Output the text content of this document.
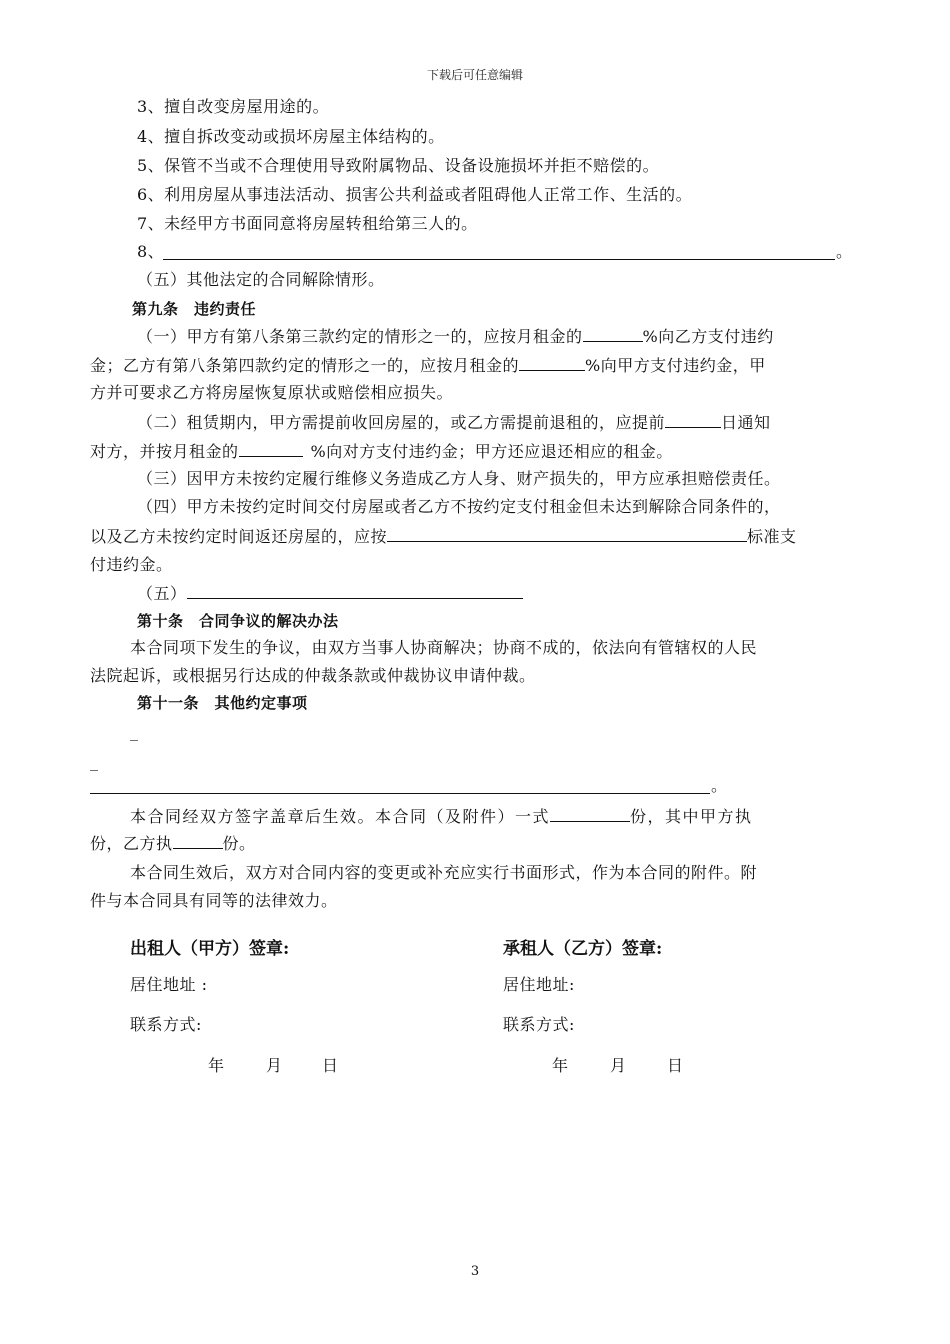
下载后可任意编辑
3、擅自改变房屋用途的。
4、擅自拆改变动或损坏房屋主体结构的。
5、保管不当或不合理使用导致附属物品、设备设施损坏并拒不赔偿的。
6、利用房屋从事违法活动、损害公共利益或者阻碍他人正常工作、生活的。
7、未经甲方书面同意将房屋转租给第三人的。
8、	。
（五）其他法定的合同解除情形。
第九条　违约责任
（一）甲方有第八条第三款约定的情形之一的，应按月租金的	%向乙方支付违约
金；乙方有第八条第四款约定的情形之一的，应按月租金的	%向甲方支付违约金，甲
方并可要求乙方将房屋恢复原状或赔偿相应损失。
（二）租赁期内，甲方需提前收回房屋的，或乙方需提前退租的，应提前	日通知
对方，并按月租金的	%向对方支付违约金；甲方还应退还相应的租金。
（三）因甲方未按约定履行维修义务造成乙方人身、财产损失的，甲方应承担赔偿责任。
（四）甲方未按约定时间交付房屋或者乙方不按约定支付租金但未达到解除合同条件的，
以及乙方未按约定时间返还房屋的，应按	标准支
付违约金。
（五）
第十条　合同争议的解决办法
本合同项下发生的争议，由双方当事人协商解决；协商不成的，依法向有管辖权的人民
法院起诉，或根据另行达成的仲裁条款或仲裁协议申请仲裁。
第十一条　其他约定事项
_
_
。
本合同经双方签字盖章后生效。本合同（及附件）一式	份，其中甲方执
份，乙方执	份。
本合同生效后，双方对合同内容的变更或补充应实行书面形式，作为本合同的附件。附
件与本合同具有同等的法律效力。
出租人（甲方）签章:	承租人（乙方）签章:
居住地址 :	居住地址:
联系方式:	联系方式:
年	月 日	年	月	日
3
